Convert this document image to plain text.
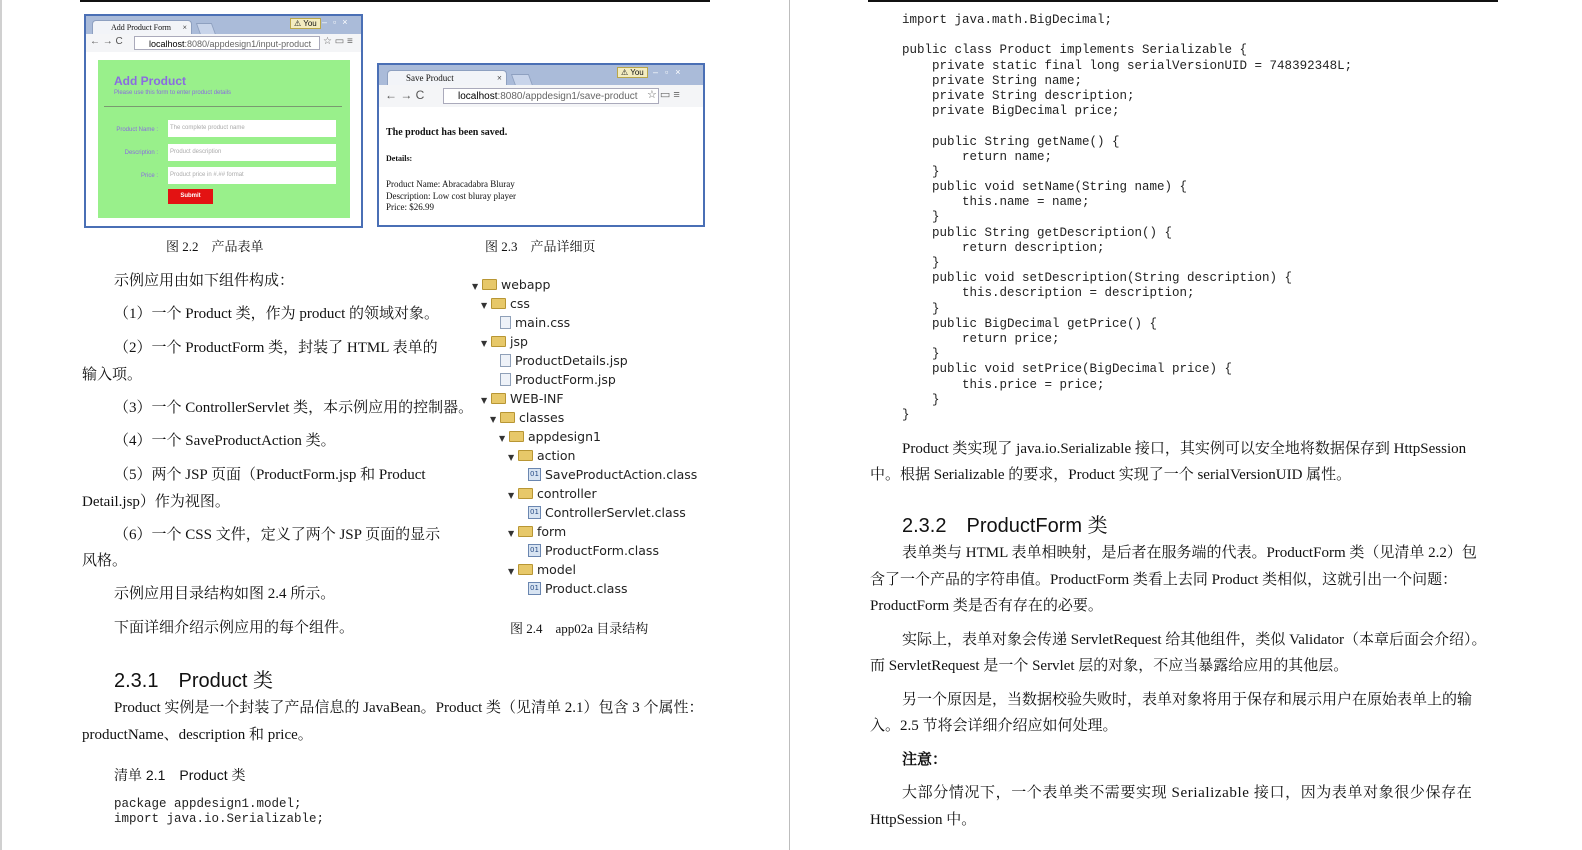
Add Product Form ×	⚠ You –▫×
← → C	localhost:8080/appdesign1/input-product	☆ ▭ ≡
Add Product
Please use this form to enter product details
Product Name :	The complete product name
Description :	Product description
Price :	Product price in #.## format
Submit
图 2.2　产品表单
Save Product	×
⚠ You	–▫×
← → C	localhost:8080/appdesign1/save-product ☆ ▭ ≡
The product has been saved.
Details:
Product Name: Abracadabra Bluray
Description: Low cost bluray player
Price: $26.99
图 2.3　产品详细页
示例应用由如下组件构成：
（1）一个 Product 类，作为 product 的领域对象。
（2）一个 ProductForm 类，封装了 HTML 表单的
输入项。
（3）一个 ControllerServlet 类，本示例应用的控制器。
（4）一个 SaveProductAction 类。
（5）两个 JSP 页面（ProductForm.jsp 和 Product
Detail.jsp）作为视图。
（6）一个 CSS 文件，定义了两个 JSP 页面的显示
风格。
示例应用目录结构如图 2.4 所示。
下面详细介绍示例应用的每个组件。
▼ webapp
▼ css
main.css
▼ jsp
ProductDetails.jsp
ProductForm.jsp
▼ WEB-INF
▼ classes
▼ appdesign1
▼ action
01 SaveProductAction.class
▼ controller
01 ControllerServlet.class
▼ form
01 ProductForm.class
▼ model
01 Product.class
图 2.4　app02a 目录结构
2.3.1　Product 类
Product 实例是一个封装了产品信息的 JavaBean。Product 类（见清单 2.1）包含 3 个属性：
productName、description 和 price。
清单 2.1　Product 类
package appdesign1.model;
import java.io.Serializable;
import java.math.BigDecimal;
public class Product implements Serializable {
private static final long serialVersionUID = 748392348L;
private String name;
private String description;
private BigDecimal price;
public String getName() {
return name;
}
public void setName(String name) {
this.name = name;
}
public String getDescription() {
return description;
}
public void setDescription(String description) {
this.description = description;
}
public BigDecimal getPrice() {
return price;
}
public void setPrice(BigDecimal price) {
this.price = price;
}
}
Product 类实现了 java.io.Serializable 接口，其实例可以安全地将数据保存到 HttpSession
中。根据 Serializable 的要求，Product 实现了一个 serialVersionUID 属性。
2.3.2　ProductForm 类
表单类与 HTML 表单相映射，是后者在服务端的代表。ProductForm 类（见清单 2.2）包
含了一个产品的字符串值。ProductForm 类看上去同 Product 类相似，这就引出一个问题：
ProductForm 类是否有存在的必要。
实际上，表单对象会传递 ServletRequest 给其他组件，类似 Validator（本章后面会介绍）。
而 ServletRequest 是一个 Servlet 层的对象，不应当暴露给应用的其他层。
另一个原因是，当数据校验失败时，表单对象将用于保存和展示用户在原始表单上的输
入。2.5 节将会详细介绍应如何处理。
注意：
大部分情况下，一个表单类不需要实现 Serializable 接口，因为表单对象很少保存在
HttpSession 中。
